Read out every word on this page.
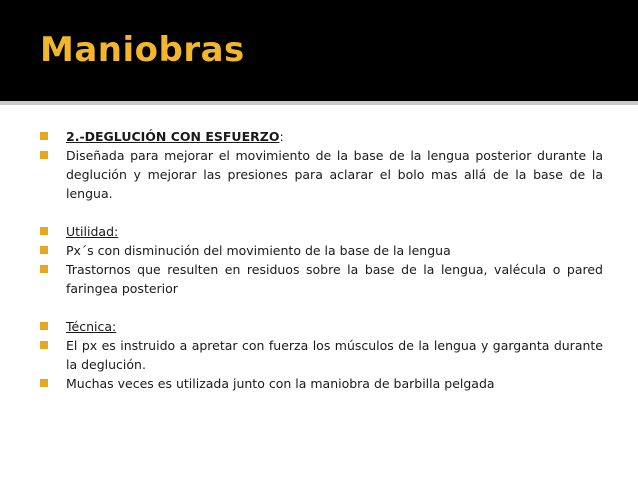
Maniobras
2.-DEGLUCIÓN CON ESFUERZO:
Diseñada para mejorar el movimiento de la base de la lengua posterior durante la deglución y mejorar las presiones para aclarar el bolo mas allá de la base de la lengua.
Utilidad:
Px´s con disminución del movimiento de la base de la lengua
Trastornos que resulten en residuos sobre la base de la lengua, valécula o pared faringea posterior
Técnica:
El px es instruido a apretar con fuerza los músculos de la lengua y garganta durante la deglución.
Muchas veces es utilizada junto con la maniobra de barbilla pelgada
